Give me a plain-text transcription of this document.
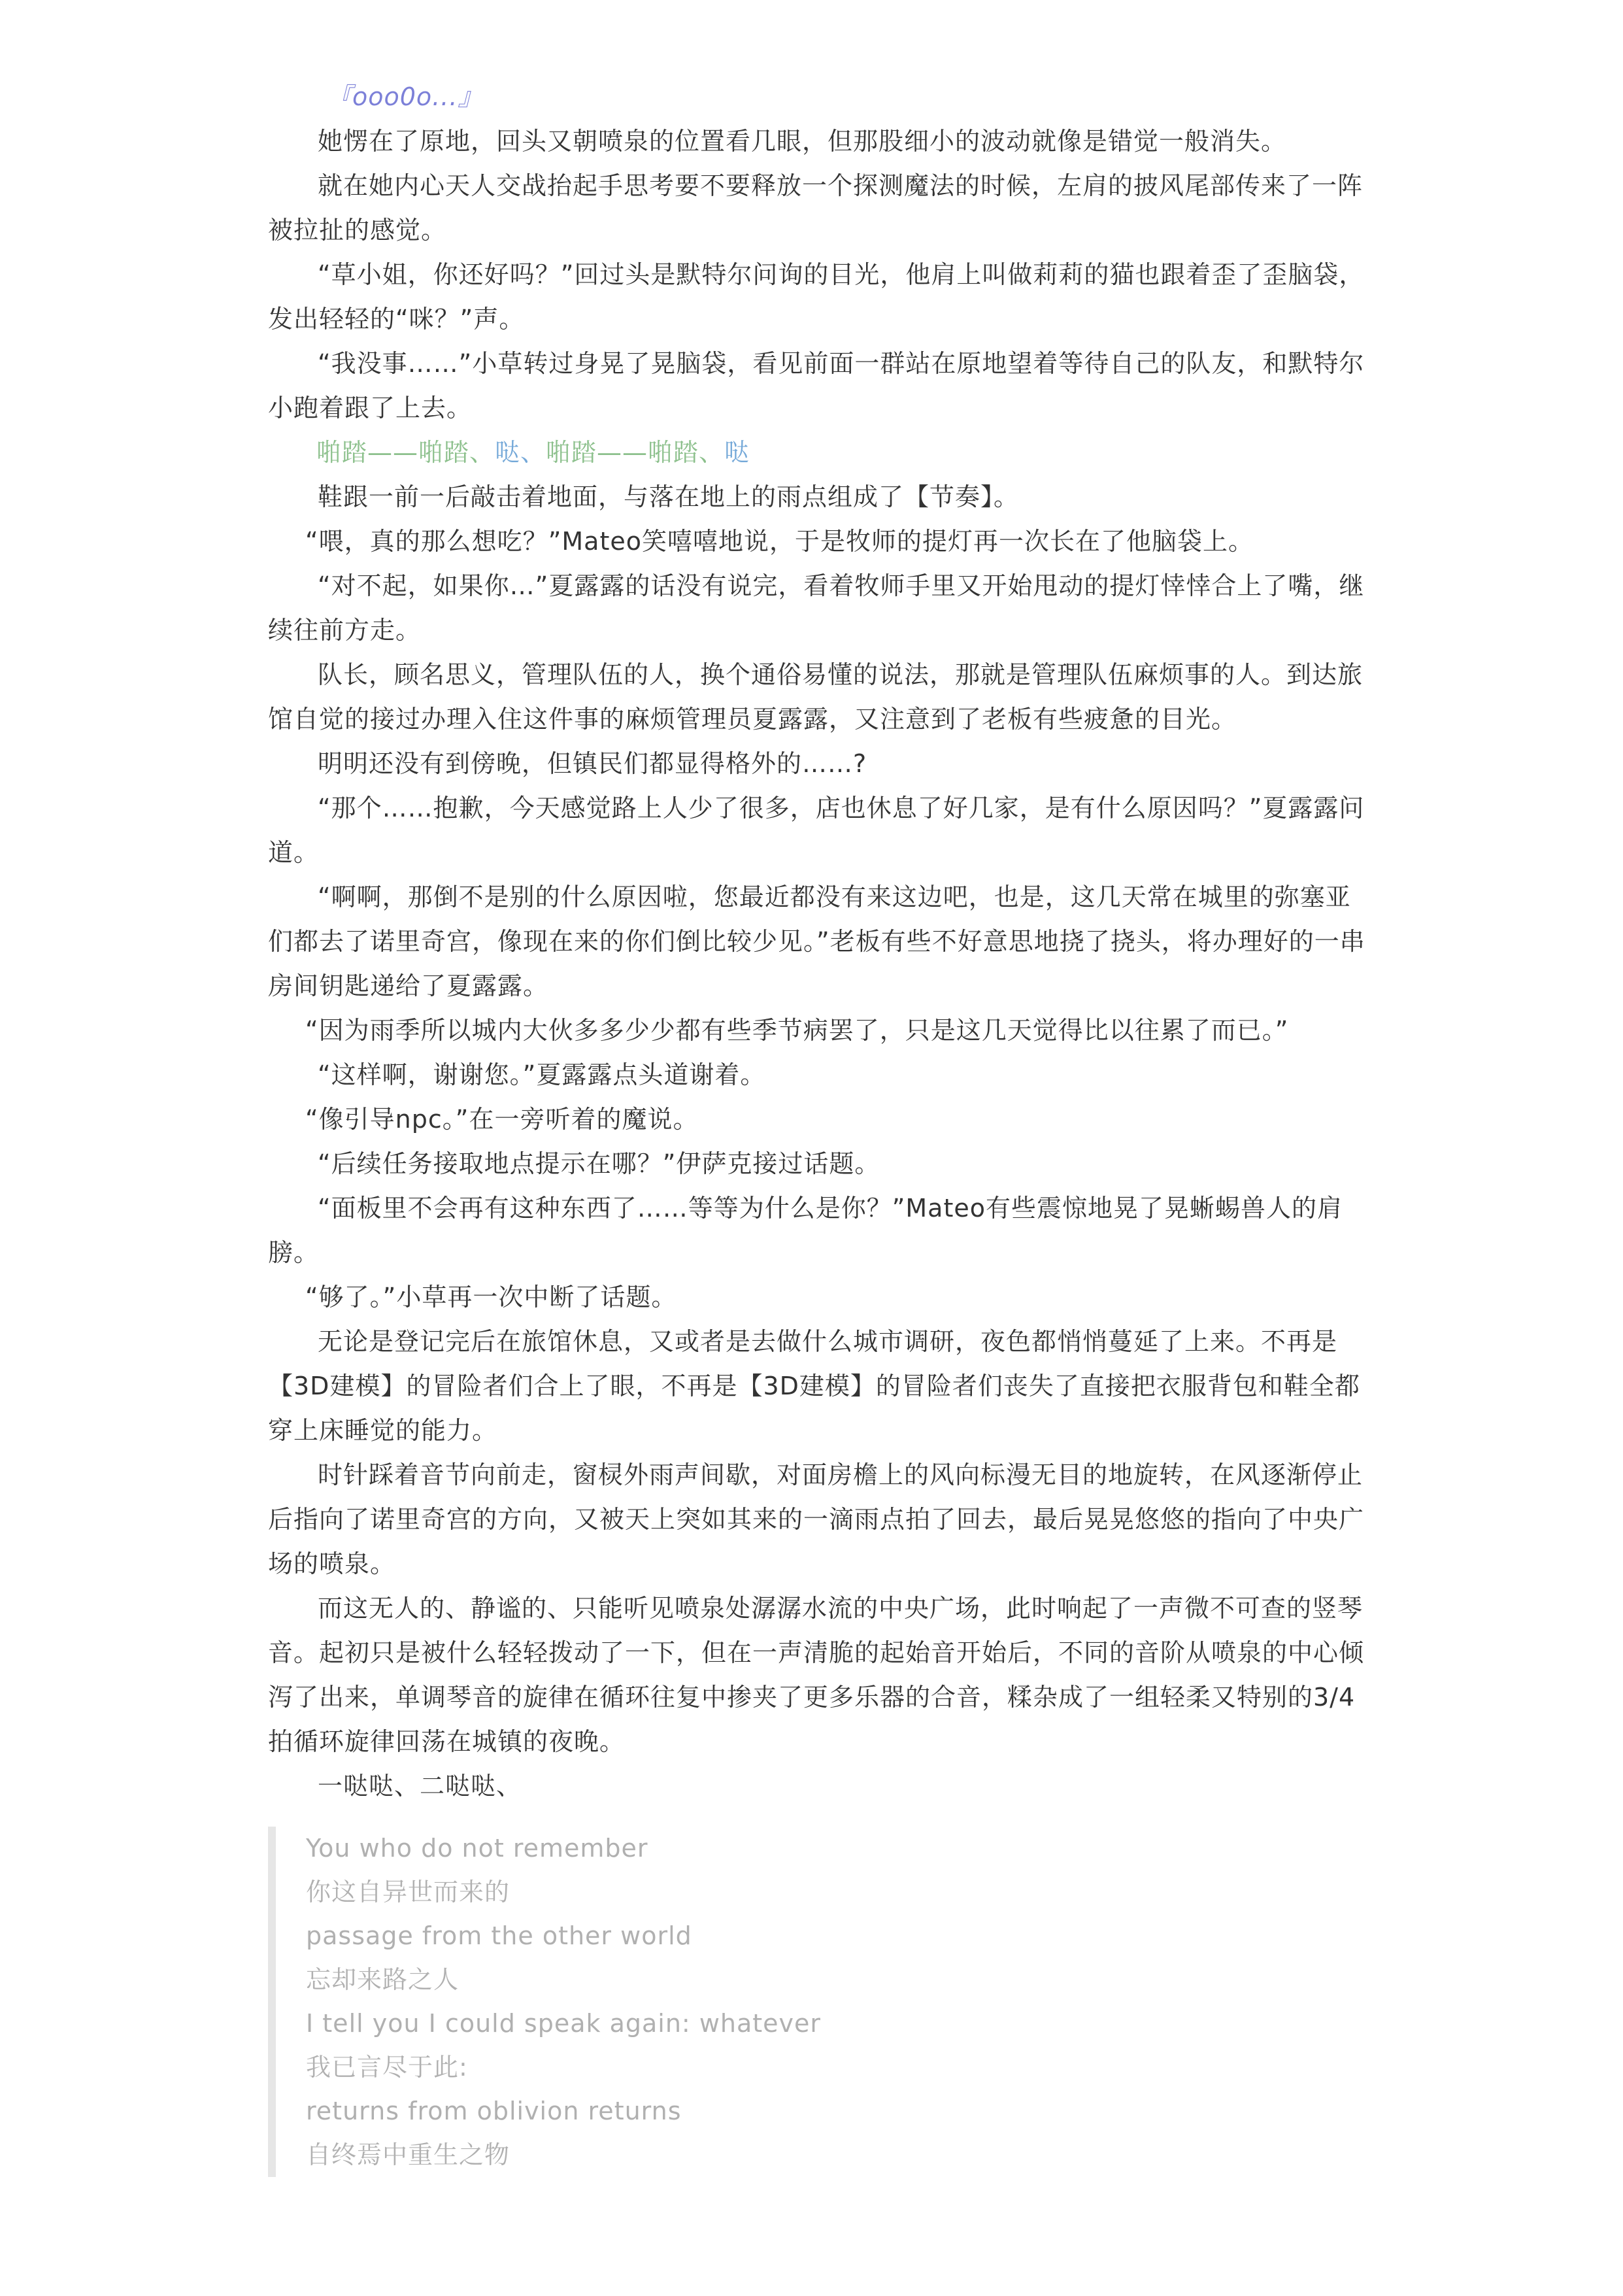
『ooo0o...』

她愣在了原地，回头又朝喷泉的位置看几眼，但那股细小的波动就像是错觉一般消失。

就在她内心天人交战抬起手思考要不要释放一个探测魔法的时候，左肩的披风尾部传来了一阵被拉扯的感觉。

“草小姐，你还好吗？”回过头是默特尔问询的目光，他肩上叫做莉莉的猫也跟着歪了歪脑袋，发出轻轻的“咪？”声。

“我没事……”小草转过身晃了晃脑袋，看见前面一群站在原地望着等待自己的队友，和默特尔小跑着跟了上去。

啪踏——啪踏、哒、啪踏——啪踏、哒

鞋跟一前一后敲击着地面，与落在地上的雨点组成了【节奏】。

“喂，真的那么想吃？”Mateo笑嘻嘻地说，于是牧师的提灯再一次长在了他脑袋上。

“对不起，如果你…”夏露露的话没有说完，看着牧师手里又开始甩动的提灯悻悻合上了嘴，继续往前方走。

队长，顾名思义，管理队伍的人，换个通俗易懂的说法，那就是管理队伍麻烦事的人。到达旅馆自觉的接过办理入住这件事的麻烦管理员夏露露，又注意到了老板有些疲惫的目光。

明明还没有到傍晚，但镇民们都显得格外的……?

“那个……抱歉，今天感觉路上人少了很多，店也休息了好几家，是有什么原因吗？”夏露露问道。

“啊啊，那倒不是别的什么原因啦，您最近都没有来这边吧，也是，这几天常在城里的弥塞亚们都去了诺里奇宫，像现在来的你们倒比较少见。”老板有些不好意思地挠了挠头，将办理好的一串房间钥匙递给了夏露露。

“因为雨季所以城内大伙多多少少都有些季节病罢了，只是这几天觉得比以往累了而已。”

“这样啊，谢谢您。”夏露露点头道谢着。

“像引导npc。”在一旁听着的魔说。

“后续任务接取地点提示在哪？”伊萨克接过话题。

“面板里不会再有这种东西了……等等为什么是你？”Mateo有些震惊地晃了晃蜥蜴兽人的肩膀。

“够了。”小草再一次中断了话题。

无论是登记完后在旅馆休息，又或者是去做什么城市调研，夜色都悄悄蔓延了上来。不再是【3D建模】的冒险者们合上了眼，不再是【3D建模】的冒险者们丧失了直接把衣服背包和鞋全都穿上床睡觉的能力。

时针踩着音节向前走，窗棂外雨声间歇，对面房檐上的风向标漫无目的地旋转，在风逐渐停止后指向了诺里奇宫的方向，又被天上突如其来的一滴雨点拍了回去，最后晃晃悠悠的指向了中央广场的喷泉。

而这无人的、静谧的、只能听见喷泉处潺潺水流的中央广场，此时响起了一声微不可查的竖琴音。起初只是被什么轻轻拨动了一下，但在一声清脆的起始音开始后，不同的音阶从喷泉的中心倾泻了出来，单调琴音的旋律在循环往复中掺夹了更多乐器的合音，糅杂成了一组轻柔又特别的3/4拍循环旋律回荡在城镇的夜晚。

一哒哒、二哒哒、

You who do not remember

你这自异世而来的

passage from the other world

忘却来路之人

I tell you I could speak again: whatever

我已言尽于此:

returns from oblivion returns

自终焉中重生之物
